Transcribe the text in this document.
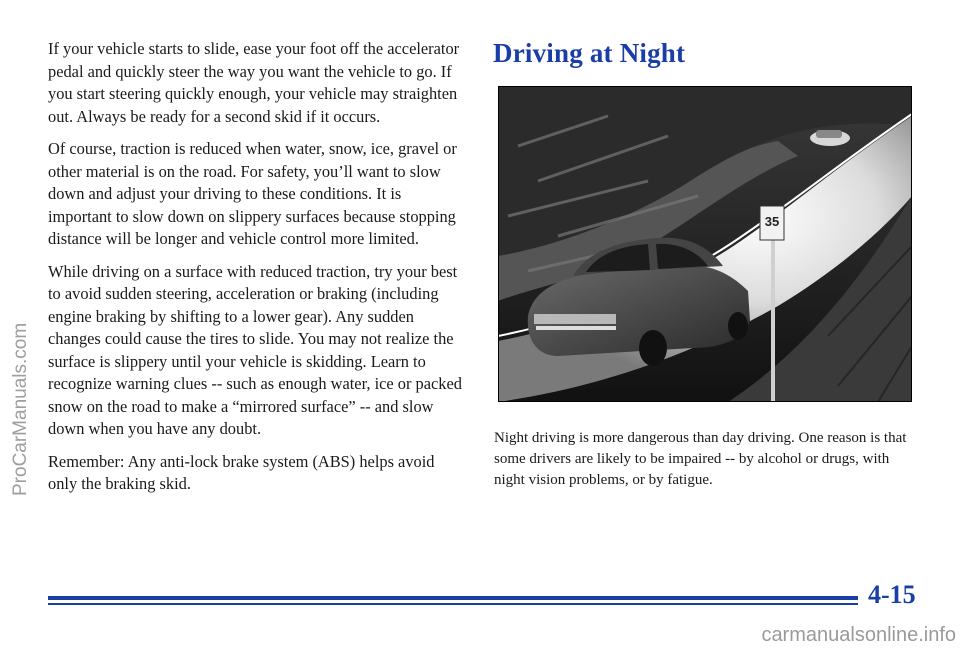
ProCarManuals.com

If your vehicle starts to slide, ease your foot off the accelerator pedal and quickly steer the way you want the vehicle to go. If you start steering quickly enough, your vehicle may straighten out. Always be ready for a second skid if it occurs.

Of course, traction is reduced when water, snow, ice, gravel or other material is on the road. For safety, you’ll want to slow down and adjust your driving to these conditions. It is important to slow down on slippery surfaces because stopping distance will be longer and vehicle control more limited.

While driving on a surface with reduced traction, try your best to avoid sudden steering, acceleration or braking (including engine braking by shifting to a lower gear). Any sudden changes could cause the tires to slide. You may not realize the surface is slippery until your vehicle is skidding. Learn to recognize warning clues -- such as enough water, ice or packed snow on the road to make a “mirrored surface” -- and slow down when you have any doubt.

Remember: Any anti-lock brake system (ABS) helps avoid only the braking skid.

Driving at Night
35

Night driving is more dangerous than day driving. One reason is that some drivers are likely to be impaired -- by alcohol or drugs, with night vision problems, or by fatigue.

4-15
carmanualsonline.info
